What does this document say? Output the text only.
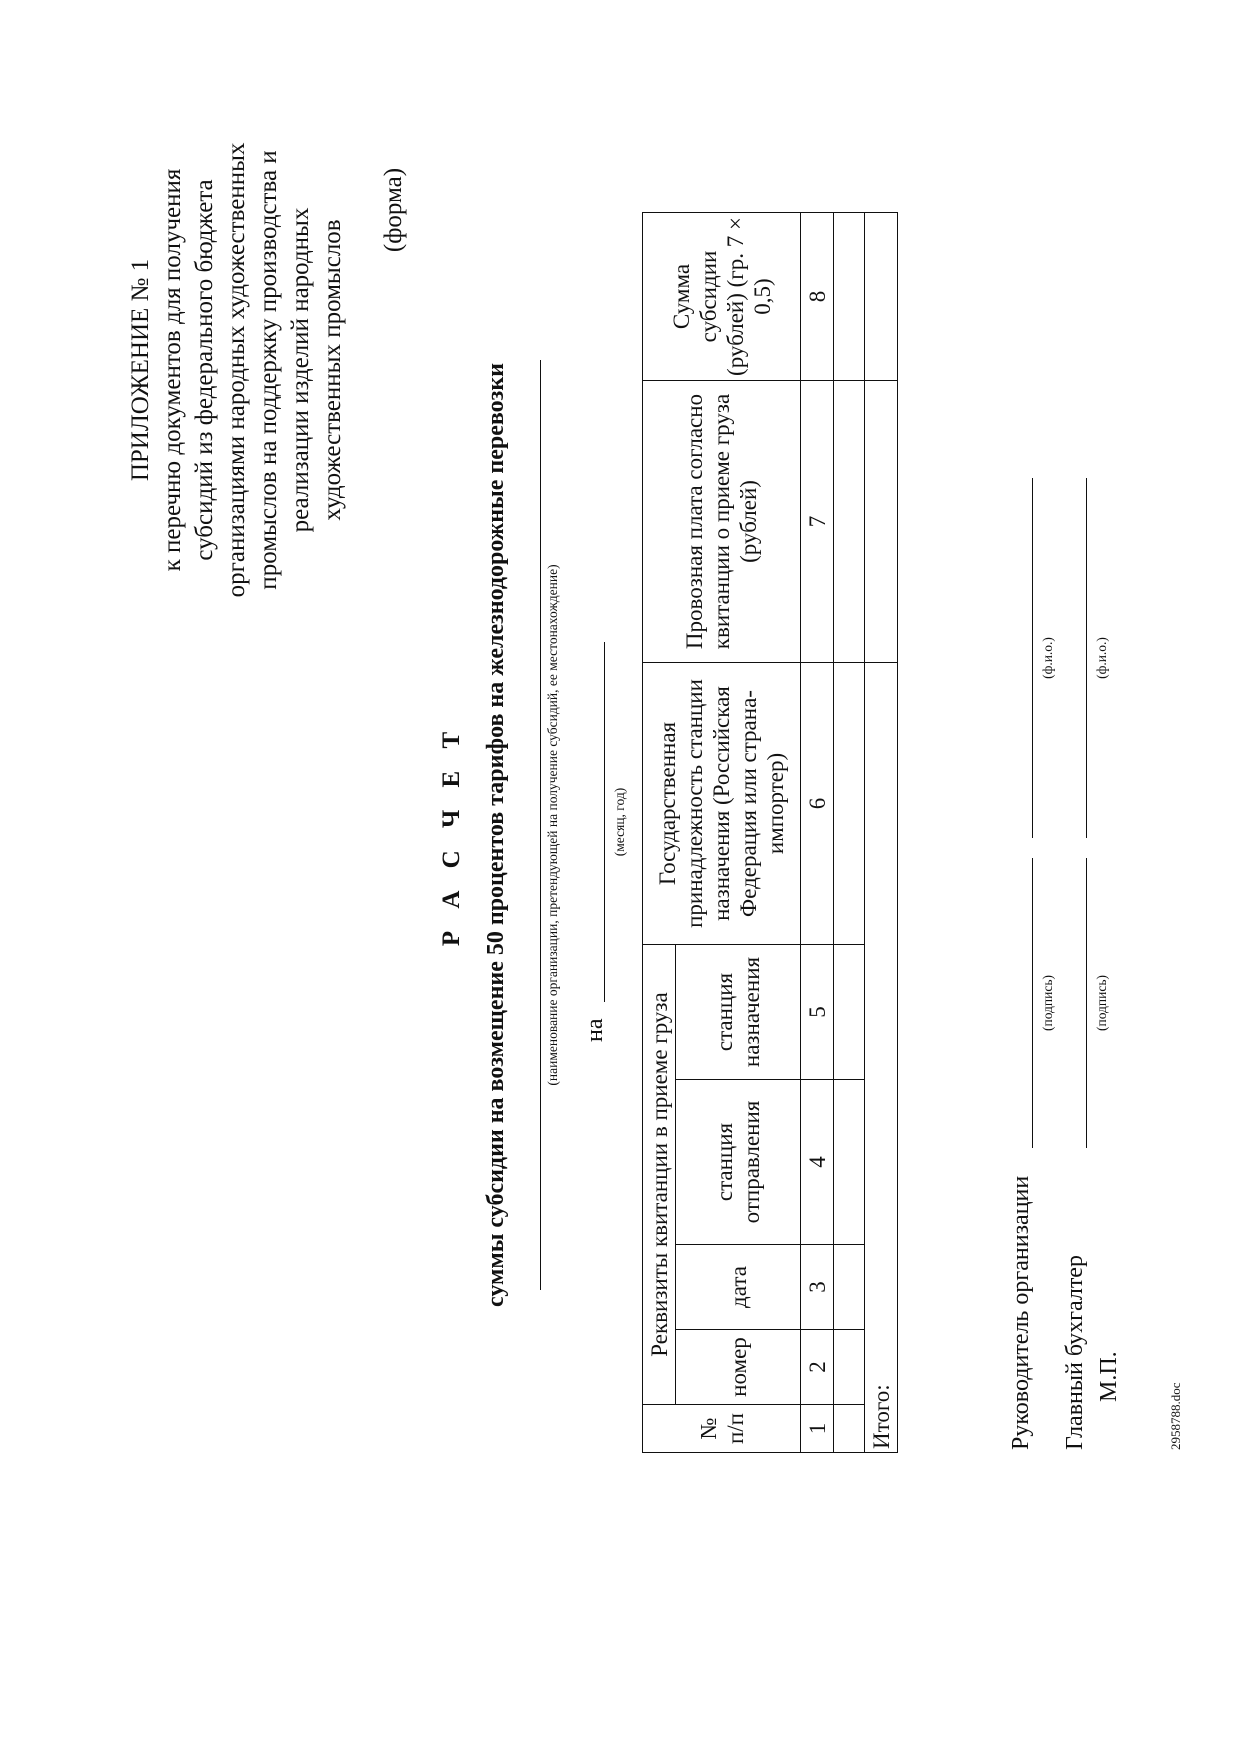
ПРИЛОЖЕНИЕ № 1 к перечню документов для получения субсидий из федерального бюджета организациями народных художественных промыслов на поддержку производства и реализации изделий народных художественных промыслов
(форма)
Р А С Ч Е Т суммы субсидии на возмещение 50 процентов тарифов на железнодорожные перевозки	(наименование организации, претендующей на получение субсидий, ее местонахождение) на
(месяц, год)
№ п/п	Реквизиты квитанции в приеме груза				Государственная принадлежность станции назначения (Российская Федерация или страна-импортер)	Провозная плата согласно квитанции о приеме груза (рублей)	Сумма субсидии (рублей) (гр. 7 × 0,5)
	номер	дата	станция отправления	станция назначения			
1	2	3	4	5	6	7	8

Итого:								Руководитель организации
(подпись)
(ф.и.о.)
Главный бухгалтер
(подпись)
(ф.и.о.)
М.П.
2958788.doc
